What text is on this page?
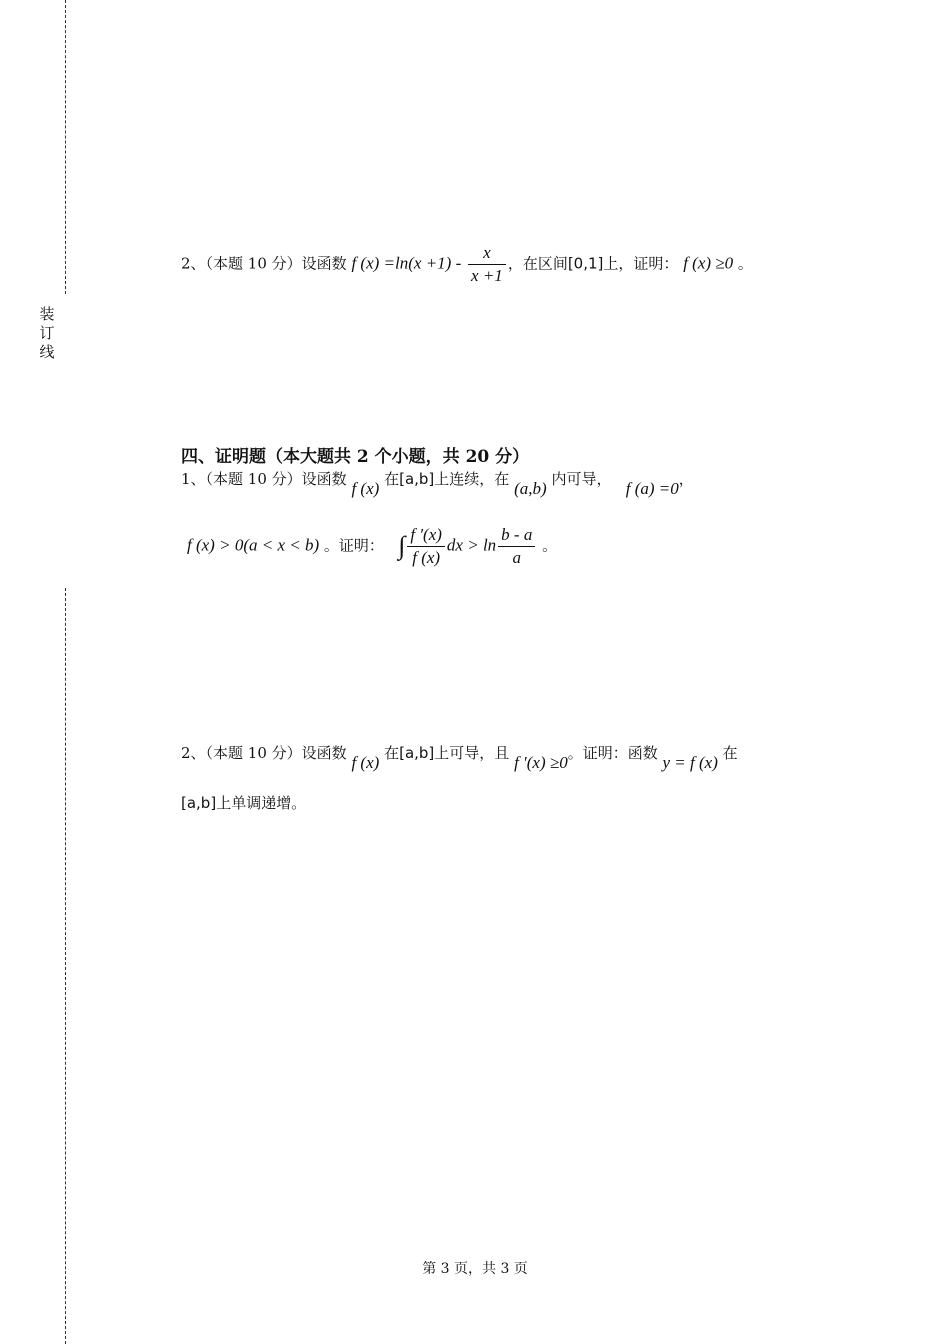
装
订
线
2、（本题 10 分）设函数 f $(x) =\ln(x +1) - \frac{x}{x +1}$ ，在区间[0,1]上，证明： f (x) ≥0 。
四、证明题（本大题共 2 个小题，共 20 分）
1、（本题 10 分）设函数 f (x) 在[a,b]上连续，在 (a,b) 内可导， f (a) =0，
f (x) > 0(a < x < b) 。证明： ∫ $\frac{f '(x)}{f (x)}$ dx > $\ln \frac{b - a}{a}$ 。
2、（本题 10 分）设函数 f (x) 在[a,b]上可导，且 f ′(x) ≥0。证明：函数 y = f (x) 在
[a,b]上单调递增。
第 3 页，共 3 页
